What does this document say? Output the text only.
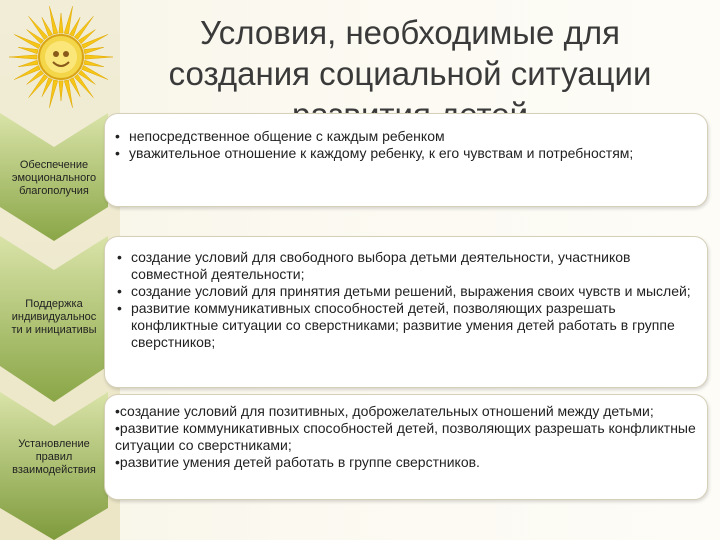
Условия, необходимые для
создания социальной ситуации
Обеспечение
эмоционального
благополучия
• непосредственное общение с каждым ребенком
• уважительное отношение к каждому ребенку, к его чувствам и потребностям;
Поддержка
индивидуальнос
ти и инициативы
• создание условий для свободного выбора детьми деятельности, участников совместной деятельности;
• создание условий для принятия детьми решений, выражения своих чувств и мыслей;
• развитие коммуникативных способностей детей, позволяющих разрешать конфликтные ситуации со сверстниками; развитие умения детей работать в группе сверстников;
Установление
правил
взаимодействия
•создание условий для позитивных, доброжелательных отношений между детьми;
•развитие коммуникативных способностей детей, позволяющих разрешать конфликтные ситуации со сверстниками;
•развитие умения детей работать в группе сверстников.
